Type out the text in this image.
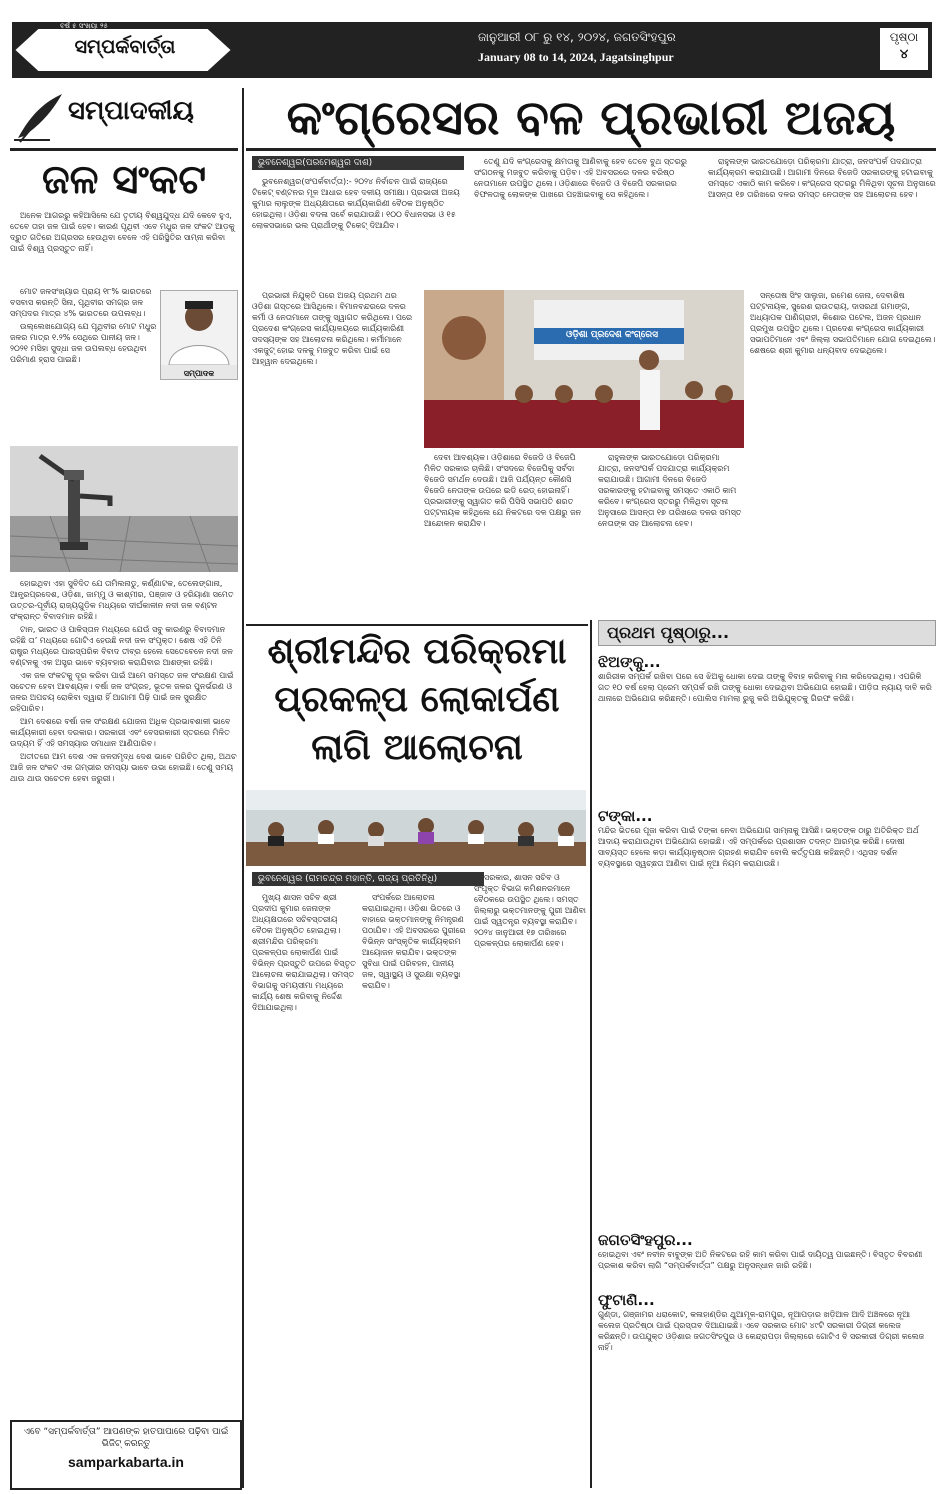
ସମ୍ପର୍କବାର୍ତ୍ତା
ବର୍ଷ ୫ ସଂଖ୍ୟା ୨୫
ଜାନୁଆରୀ ୦୮ ରୁ ୧୪, ୨୦୨୪, ଜଗତସିଂହପୁର
January 08 to 14, 2024, Jagatsinghpur
ପୃଷ୍ଠା
୪
ସମ୍ପାଦକୀୟ
ଜଳ ସଂକଟ

ଅନେକ ଆଗରରୁ କହିଆସିଲେ ଯେ ତୃତୀୟ ବିଶ୍ୱଯୁଦ୍ଧ ଯଦି କେବେ ହୁଏ, ତେବେ ତାହା ଜଳ ପାଇଁ ହେବ। କାରଣ ପୃଥିବୀ ଏବେ ମଧୁର ଜଳ ସଂକଟ ଆଡ଼କୁ ଦ୍ରୁତ ଗତିରେ ଅଗ୍ରସର ହେଉଥିବା ବେଳେ ଏହି ପରିସ୍ଥିତିର ସାମ୍ନା କରିବା ପାଇଁ ବିଶ୍ୱ ପ୍ରସ୍ତୁତ ନାହିଁ।

ମୋଟ ଜଳସଂଖ୍ୟାର ପ୍ରାୟ ୧୮% ଭାରତରେ ବସବାସ କରନ୍ତି ସିନା, ପୃଥିବୀର ସମଗ୍ର ଜଳ ସମ୍ପଦର ମାତ୍ର ୪% ଭାରତରେ ଉପଲବ୍ଧ।

ଉଲ୍ଲେଖଯୋଗ୍ୟ ଯେ ପୃଥିବୀର ମୋଟ ମଧୁର ଜଳର ମାତ୍ର ୧.୨% ସେଥିରେ ପାନୀୟ ଜଳ। ୨୦୨୧ ମସିହା ସୁଦ୍ଧା ଜଳ ଉପଲବ୍ଧ ହେଉଥିବା ପରିମାଣ ହ୍ରାସ ପାଇଛି।

ସମ୍ପାଦକ

ହୋଇଥିବା ଏହା ସୁବିଦିତ ଯେ ତାମିଲନାଡୁ, କର୍ଣ୍ଣାଟକ, ତେଲେଙ୍ଗାନା, ଆନ୍ଧ୍ରପ୍ରଦେଶ, ଓଡ଼ିଶା, ଜାମ୍ମୁ ଓ କାଶ୍ମୀର, ପଞ୍ଜାବ ଓ ହରିୟାଣା ସମେତ ଉତ୍ତର-ପୂର୍ବୀୟ ରାଜ୍ୟଗୁଡ଼ିକ ମଧ୍ୟରେ ଦୀର୍ଘକାଳୀନ ନଦୀ ଜଳ ବଣ୍ଟନ ସଂକ୍ରାନ୍ତ ବିବାଦମାନ ରହିଛି।

ଟାନ, ଭାରତ ଓ ପାକିସ୍ତାନ ମଧ୍ୟରେ ଯେଉଁ ସବୁ କାରଣରୁ ବିବାଦମାନ ରହିଛି ତା’ ମଧ୍ୟରେ ଗୋଟିଏ ହେଉଛି ନଦୀ ଜଳ ସଂପୃକ୍ତ। ଶେଷ ଏହି ତିନି ରାଷ୍ଟ୍ର ମଧ୍ୟରେ ପାରସ୍ପରିକ ବିବାଦ ତୀବ୍ର ହେଲେ ସେତେବେଳେ ନଦୀ ଜଳ ବଣ୍ଟନକୁ ଏକ ଅସ୍ତ୍ର ଭାବେ ବ୍ୟବହାର କରାଯିବାର ଆଶଙ୍କା ରହିଛି।

ଏକ ଜଳ ସଂକଟକୁ ଦୂର କରିବା ପାଇଁ ଆମେ ସମସ୍ତେ ଜଳ ସଂରକ୍ଷଣ ପାଇଁ ସଚେତନ ହେବା ଆବଶ୍ୟକ। ବର୍ଷା ଜଳ ସଂଗ୍ରହ, ଭୂତଳ ଜଳର ପୁନର୍ଭରଣ ଓ ଜଳର ଅପଚୟ ରୋକିବା ଦ୍ୱାରା ହିଁ ଆଗାମୀ ପିଢ଼ି ପାଇଁ ଜଳ ସୁରକ୍ଷିତ ରହିପାରିବ।

ଆମ ଦେଶରେ ବର୍ଷା ଜଳ ସଂରକ୍ଷଣ ଯୋଜନା ଅଧିକ ପ୍ରଭାବଶାଳୀ ଭାବେ କାର୍ଯ୍ୟକାରୀ ହେବା ଦରକାର। ସରକାରୀ ଏବଂ ବେସରକାରୀ ସ୍ତରରେ ମିଳିତ ଉଦ୍ୟମ ହିଁ ଏହି ସମସ୍ୟାର ସମାଧାନ ଆଣିପାରିବ।

ଅତୀତରେ ଆମ ଦେଶ ଏକ ଜଳସମୃଦ୍ଧ ଦେଶ ଭାବେ ପରିଚିତ ଥିଲା, ଅଥଚ ଆଜି ଜଳ ସଂକଟ ଏକ ଗମ୍ଭୀର ସମସ୍ୟା ଭାବେ ଉଭା ହୋଇଛି। ତେଣୁ ସମୟ ଥାଉ ଥାଉ ସଚେତନ ହେବା ଜରୁରୀ।

ଏବେ “ସମ୍ପର୍କବାର୍ତ୍ତା” ଆପଣଙ୍କ ହାତପାପାରେ ପଢ଼ିବା ପାଇଁ ଭିଜିଟ୍ କରନ୍ତୁ
samparkabarta.in
କଂଗ୍ରେସର ବଳ ପ୍ରଭାରୀ ଅଜୟ
ଭୁବନେଶ୍ୱର(ପରମେଶ୍ୱର ଦାଶ)

ଭୁବନେଶ୍ୱର(ସଂପର୍କବାର୍ତ୍ତା):- ୨୦୨୪ ନିର୍ବାଚନ ପାଇଁ ରାଜ୍ୟରେ ଟିକେଟ୍ ବଣ୍ଟନର ମୂଳ ଆଧାର ହେବ ଦଳୀୟ ସମୀକ୍ଷା। ପ୍ରଭାରୀ ଅଜୟ କୁମାର ଲାଲୁଙ୍କ ଅଧ୍ୟକ୍ଷତାରେ କାର୍ଯ୍ୟକାରିଣୀ ବୈଠକ ଅନୁଷ୍ଠିତ ହୋଇଥିଲା। ଓଡ଼ିଶା ବଦଳା ସର୍ବେ କରାଯାଉଛି। ୧୦୦ ବିଧାନସଭା ଓ ୧୫ ଲୋକସଭାରେ ଭଲ ପ୍ରାର୍ଥୀଙ୍କୁ ଟିକେଟ୍ ଦିଆଯିବ।

ତେଣୁ ଯଦି କଂଗ୍ରେସକୁ କ୍ଷମତାକୁ ଆଣିବାକୁ ହେବ ତେବେ ବୁଥ ସ୍ତରରୁ ସଂଗଠନକୁ ମଜବୁତ କରିବାକୁ ପଡ଼ିବ। ଏହି ଅବସରରେ ଦଳର ବରିଷ୍ଠ ନେତାମାନେ ଉପସ୍ଥିତ ଥିଲେ। ଓଡ଼ିଶାରେ ବିଜେଡି ଓ ବିଜେପି ସରକାରର ବିଫଳତାକୁ ଲୋକଙ୍କ ପାଖରେ ପହଞ୍ଚାଇବାକୁ ସେ କହିଥିଲେ।

ରାହୁଲଙ୍କ ଭାରତଯୋଡ଼ୋ ପରିକ୍ରମା ଯାତ୍ରା, ଜନସଂପର୍କ ପଦଯାତ୍ରା କାର୍ଯ୍ୟକ୍ରମ କରାଯାଉଛି। ଆଗାମୀ ଦିନରେ ବିଜେଡି ସରକାରଙ୍କୁ ହଟାଇବାକୁ ସମସ୍ତେ ଏକାଠି କାମ କରିବେ। କଂଗ୍ରେସ ସ୍ତରରୁ ମିଳିଥିବା ସୂଚନା ଅନୁସାରେ ଆସନ୍ତା ୧୭ ତାରିଖରେ ଦଳର ସମସ୍ତ ନେତାଙ୍କ ସହ ଆଲୋଚନା ହେବ।

ପ୍ରଭାରୀ ନିଯୁକ୍ତି ପରେ ଅଜୟ ପ୍ରଥମ ଥର ଓଡ଼ିଶା ଗସ୍ତରେ ଆସିଥିଲେ। ବିମାନବନ୍ଦରରେ ଦଳର କର୍ମୀ ଓ ନେତାମାନେ ତାଙ୍କୁ ସ୍ୱାଗତ କରିଥିଲେ। ପରେ ପ୍ରଦେଶ କଂଗ୍ରେସ କାର୍ଯ୍ୟାଳୟରେ କାର୍ଯ୍ୟକାରିଣୀ ସଦସ୍ୟଙ୍କ ସହ ଆଲୋଚନା କରିଥିଲେ। କର୍ମୀମାନେ ଏକଜୁଟ୍ ହୋଇ ଦଳକୁ ମଜବୁତ କରିବା ପାଇଁ ସେ ଆହ୍ୱାନ ଦେଇଥିଲେ।

ଓଡ଼ିଶା ପ୍ରଦେଶ କଂଗ୍ରେସ

ଦେବା ଆବଶ୍ୟକ। ଓଡ଼ିଶାରେ ବିଜେଡି ଓ ବିଜେପି ମିଳିତ ସରକାର ଚାଲିଛି। ସଂସଦରେ ବିଜେପିକୁ ସର୍ବଦା ବିଜେଡି ସମର୍ଥନ ଦେଉଛି। ଆଜି ପର୍ଯ୍ୟନ୍ତ କୌଣସି ବିଜେଡି ନେତାଙ୍କ ଉପରେ ଇଡି ରେଡ୍ ହୋଇନାହିଁ। ପ୍ରଭାରୀଙ୍କୁ ସ୍ୱାଗତ କରି ପିସିସି ସଭାପତି ଶରତ ପଟ୍ଟନାୟକ କହିଥିଲେ ଯେ ନିକଟରେ ଦଳ ପକ୍ଷରୁ ଜନ ଆନ୍ଦୋଳନ କରାଯିବ।

ରାହୁଲଙ୍କ ଭାରତଯୋଡ଼ୋ ପରିକ୍ରମା ଯାତ୍ରା, ଜନସଂପର୍କ ପଦଯାତ୍ରା କାର୍ଯ୍ୟକ୍ରମ କରାଯାଉଛି। ଆଗାମୀ ଦିନରେ ବିଜେଡି ସରକାରଙ୍କୁ ହଟାଇବାକୁ ସମସ୍ତେ ଏକାଠି କାମ କରିବେ। କଂଗ୍ରେସ ସ୍ତରରୁ ମିଳିଥିବା ସୂଚନା ଅନୁସାରେ ଆସନ୍ତା ୧୭ ତାରିଖରେ ଦଳର ସମସ୍ତ ନେତାଙ୍କ ସହ ଆଲୋଚନା ହେବ।

ସନ୍ତୋଷ ସିଂହ ସାଲୁଜା, ରମେଶ ଜେନା, ଦେବାଶିଷ ପଟ୍ଟନାୟକ, ସୁରେଶ ରାଉତରାୟ, ଦାସରଥୀ ଗମାଙ୍ଗ, ଅଧ୍ୟାପକ ପାଣିଗ୍ରାହୀ, କିଶୋର ପଟେଲ, ଅଜନ ପ୍ରଧାନ ପ୍ରମୁଖ ଉପସ୍ଥିତ ଥିଲେ। ପ୍ରଦେଶ କଂଗ୍ରେସ କାର୍ଯ୍ୟକାରୀ ସଭାପତିମାନେ ଏବଂ ଜିଲ୍ଲା ସଭାପତିମାନେ ଯୋଗ ଦେଇଥିଲେ। ଶେଷରେ ଶ୍ରୀ କୁମାର ଧନ୍ୟବାଦ ଦେଇଥିଲେ।

ଶ୍ରୀମନ୍ଦିର ପରିକ୍ରମା
ପ୍ରକଳ୍ପ ଲୋକାର୍ପଣ
ଲାଗି ଆଲୋଚନା
ଭୁବନେଶ୍ୱର (ରାମଚନ୍ଦ୍ର ମହାନ୍ତି, ରାଜ୍ୟ ପ୍ରତିନିଧି)

ମୁଖ୍ୟ ଶାସନ ସଚିବ ଶ୍ରୀ ପ୍ରଦୀପ କୁମାର ଜେନାଙ୍କ ଅଧ୍ୟକ୍ଷତାରେ ସଚିବସ୍ତରୀୟ ବୈଠକ ଅନୁଷ୍ଠିତ ହୋଇଥିଲା। ଶ୍ରୀମନ୍ଦିର ପରିକ୍ରମା ପ୍ରକଳ୍ପର ଲୋକାର୍ପଣ ପାଇଁ ବିଭିନ୍ନ ପ୍ରସ୍ତୁତି ଉପରେ ବିସ୍ତୃତ ଆଲୋଚନା କରାଯାଇଥିଲା। ସମସ୍ତ ବିଭାଗକୁ ସମୟସୀମା ମଧ୍ୟରେ କାର୍ଯ୍ୟ ଶେଷ କରିବାକୁ ନିର୍ଦ୍ଦେଶ ଦିଆଯାଇଥିଲା।

ସଂପର୍କରେ ଆଲୋଚନା କରାଯାଇଥିଲା। ଓଡ଼ିଶା ଭିତରେ ଓ ବାହାରେ ଭକ୍ତମାନଙ୍କୁ ନିମନ୍ତ୍ରଣ ପଠାଯିବ। ଏହି ଅବସରରେ ପୁରୀରେ ବିଭିନ୍ନ ସାଂସ୍କୃତିକ କାର୍ଯ୍ୟକ୍ରମ ଆୟୋଜନ କରାଯିବ। ଭକ୍ତଙ୍କ ସୁବିଧା ପାଇଁ ପରିବହନ, ପାନୀୟ ଜଳ, ସ୍ୱାସ୍ଥ୍ୟ ଓ ସୁରକ୍ଷା ବ୍ୟବସ୍ଥା କରାଯିବ।

ସରକାର, ଶାସନ ସଚିବ ଓ ସଂପୃକ୍ତ ବିଭାଗ କମିଶନରମାନେ ବୈଠକରେ ଉପସ୍ଥିତ ଥିଲେ। ସମସ୍ତ ଜିଲ୍ଲାରୁ ଭକ୍ତମାନଙ୍କୁ ପୁରୀ ଆଣିବା ପାଇଁ ସ୍ୱତନ୍ତ୍ର ବ୍ୟବସ୍ଥା କରାଯିବ। ୨୦୨୪ ଜାନୁଆରୀ ୧୭ ତାରିଖରେ ପ୍ରକଳ୍ପର ଲୋକାର୍ପଣ ହେବ।

ପ୍ରଥମ ପୃଷ୍ଠାରୁ...
ଝିଅଙ୍କୁ...
ଶାରିରୀକ ସମ୍ପର୍କ ରଖିବା ପରେ ସେ ଝିଅକୁ ଧୋକା ଦେଇ ତାଙ୍କୁ ବିବାହ କରିବାକୁ ମନା କରିଦେଇଥିଲା। ଏପରିକି ଗତ ୧୦ ବର୍ଷ ହେଲା ପ୍ରେମ ସମ୍ପର୍କ ରଖି ତାଙ୍କୁ ଧୋକା ଦେଇଥିବା ଅଭିଯୋଗ ହୋଇଛି। ପୀଡ଼ିତା ନ୍ୟାୟ ଦାବି କରି ଥାନାରେ ଅଭିଯୋଗ କରିଛନ୍ତି। ପୋଲିସ ମାମଲା ରୁଜୁ କରି ଅଭିଯୁକ୍ତକୁ ଗିରଫ କରିଛି।
ଟଙ୍କା...
ମନ୍ଦିର ଭିତରେ ପୂଜା କରିବା ପାଇଁ ଟଙ୍କା ନେବା ଅଭିଯୋଗ ସାମ୍ନାକୁ ଆସିଛି। ଭକ୍ତଙ୍କ ଠାରୁ ଅତିରିକ୍ତ ଅର୍ଥ ଆଦାୟ କରାଯାଉଥିବା ଅଭିଯୋଗ ହୋଇଛି। ଏହି ସମ୍ପର୍କରେ ପ୍ରଶାସନ ତଦନ୍ତ ଆରମ୍ଭ କରିଛି। ଦୋଷୀ ସାବ୍ୟସ୍ତ ହେଲେ କଡ଼ା କାର୍ଯ୍ୟାନୁଷ୍ଠାନ ଗ୍ରହଣ କରାଯିବ ବୋଲି କର୍ତ୍ତୃପକ୍ଷ କହିଛନ୍ତି। ଏଥିସହ ଦର୍ଶନ ବ୍ୟବସ୍ଥାରେ ସ୍ୱଚ୍ଛତା ଆଣିବା ପାଇଁ ନୂଆ ନିୟମ କରାଯାଉଛି।
ଜଗତସିଂହପୁର...
ହୋଇଥିବା ଏବଂ ନବୀନ ବାବୁଙ୍କ ଅତି ନିକଟରେ ରହି କାମ କରିବା ପାଇଁ ଦାୟିତ୍ୱ ପାଇଛନ୍ତି। ବିସ୍ତୃତ ବିବରଣୀ ପ୍ରକାଶ କରିବା ଲାଗି “ସମ୍ପର୍କବାର୍ତ୍ତା” ପକ୍ଷରୁ ଅନୁସନ୍ଧାନ ଜାରି ରହିଛି।
ଫୁଟାଣି...
ଗୁଣ୍ଡା, ଗଞ୍ଜାମର ଧରାକୋଟ, କଳାହାଣ୍ଡିର ଥୁଆମୂଳ-ରାମପୁର, ନୂଆପଡ଼ାର ଖଡ଼ିଆଳ ଆଦି ଅଞ୍ଚଳରେ ନୂଆ କଲେଜ ପ୍ରତିଷ୍ଠା ପାଇଁ ପ୍ରସ୍ତାବ ଦିଆଯାଇଛି। ଏବେ ସରକାର ମୋଟ ୪୯ଟି ସରକାରୀ ଡିଗ୍ରୀ କଲେଜ କରିଛନ୍ତି। ଉପଯୁକ୍ତ ଓଡ଼ିଶାର ଜଗତସିଂହପୁର ଓ କେନ୍ଦ୍ରାପଡ଼ା ଜିଲ୍ଲାରେ ଗୋଟିଏ ବି ସରକାରୀ ଡିଗ୍ରୀ କଲେଜ ନାହିଁ।
